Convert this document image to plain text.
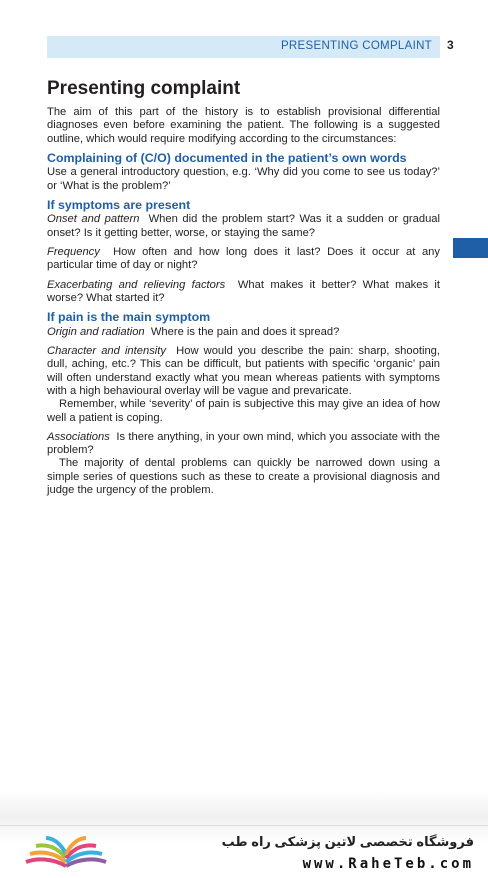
PRESENTING COMPLAINT 3
Presenting complaint

The aim of this part of the history is to establish provisional differential diagnoses even before examining the patient. The following is a suggested outline, which would require modifying according to the circumstances:

Complaining of (C/O) documented in the patient’s own words

Use a general introductory question, e.g. ‘Why did you come to see us today?’ or ‘What is the problem?’

If symptoms are present

Onset and pattern When did the problem start? Was it a sudden or gradual onset? Is it getting better, worse, or staying the same?

Frequency How often and how long does it last? Does it occur at any particular time of day or night?

Exacerbating and relieving factors What makes it better? What makes it worse? What started it?

If pain is the main symptom

Origin and radiation Where is the pain and does it spread?

Character and intensity How would you describe the pain: sharp, shooting, dull, aching, etc.? This can be difficult, but patients with specific ‘organic’ pain will often understand exactly what you mean whereas patients with symptoms with a high behavioural overlay will be vague and prevaricate.

Remember, while ‘severity’ of pain is subjective this may give an idea of how well a patient is coping.

Associations Is there anything, in your own mind, which you associate with the problem?

The majority of dental problems can quickly be narrowed down using a simple series of questions such as these to create a provisional diagnosis and judge the urgency of the problem.

فروشگاه تخصصی لاتین پزشکی راه طب
www.RaheTeb.com
